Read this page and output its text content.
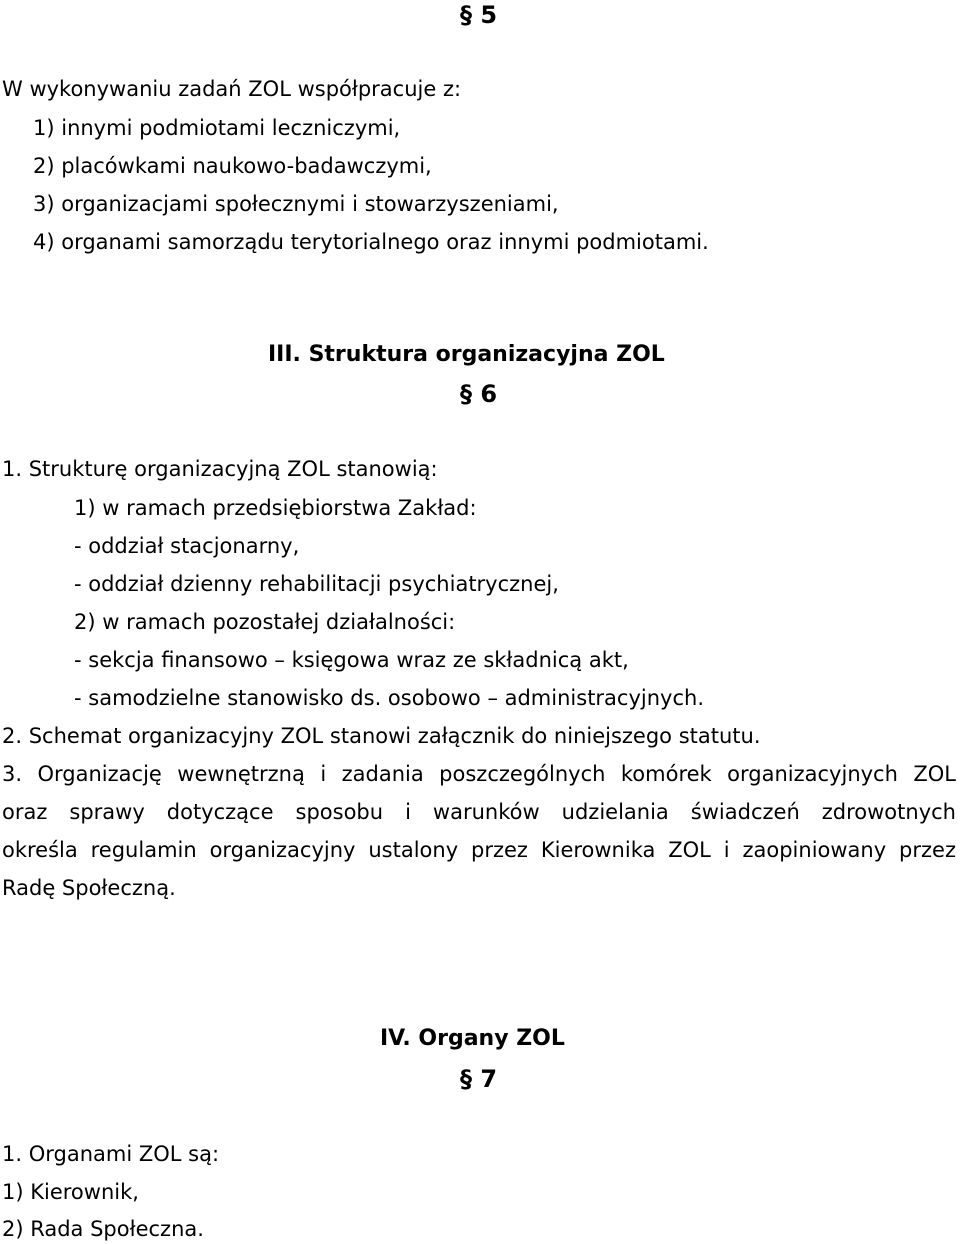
§ 5
W wykonywaniu zadań ZOL współpracuje z:
1) innymi podmiotami leczniczymi,
2) placówkami naukowo-badawczymi,
3) organizacjami społecznymi i stowarzyszeniami,
4) organami samorządu terytorialnego oraz innymi podmiotami.
III. Struktura organizacyjna ZOL
§ 6
1. Strukturę organizacyjną ZOL stanowią:
1) w ramach przedsiębiorstwa Zakład:
- oddział stacjonarny,
- oddział dzienny rehabilitacji psychiatrycznej,
2) w ramach pozostałej działalności:
- sekcja finansowo – księgowa wraz ze składnicą akt,
- samodzielne stanowisko ds. osobowo – administracyjnych.
2. Schemat organizacyjny ZOL stanowi załącznik do niniejszego statutu.
3. Organizację wewnętrzną i zadania poszczególnych komórek organizacyjnych ZOL
oraz sprawy dotyczące sposobu i warunków udzielania świadczeń zdrowotnych
określa regulamin organizacyjny ustalony przez Kierownika ZOL i zaopiniowany przez
Radę Społeczną.
IV. Organy ZOL
§ 7
1. Organami ZOL są:
1) Kierownik,
2) Rada Społeczna.
